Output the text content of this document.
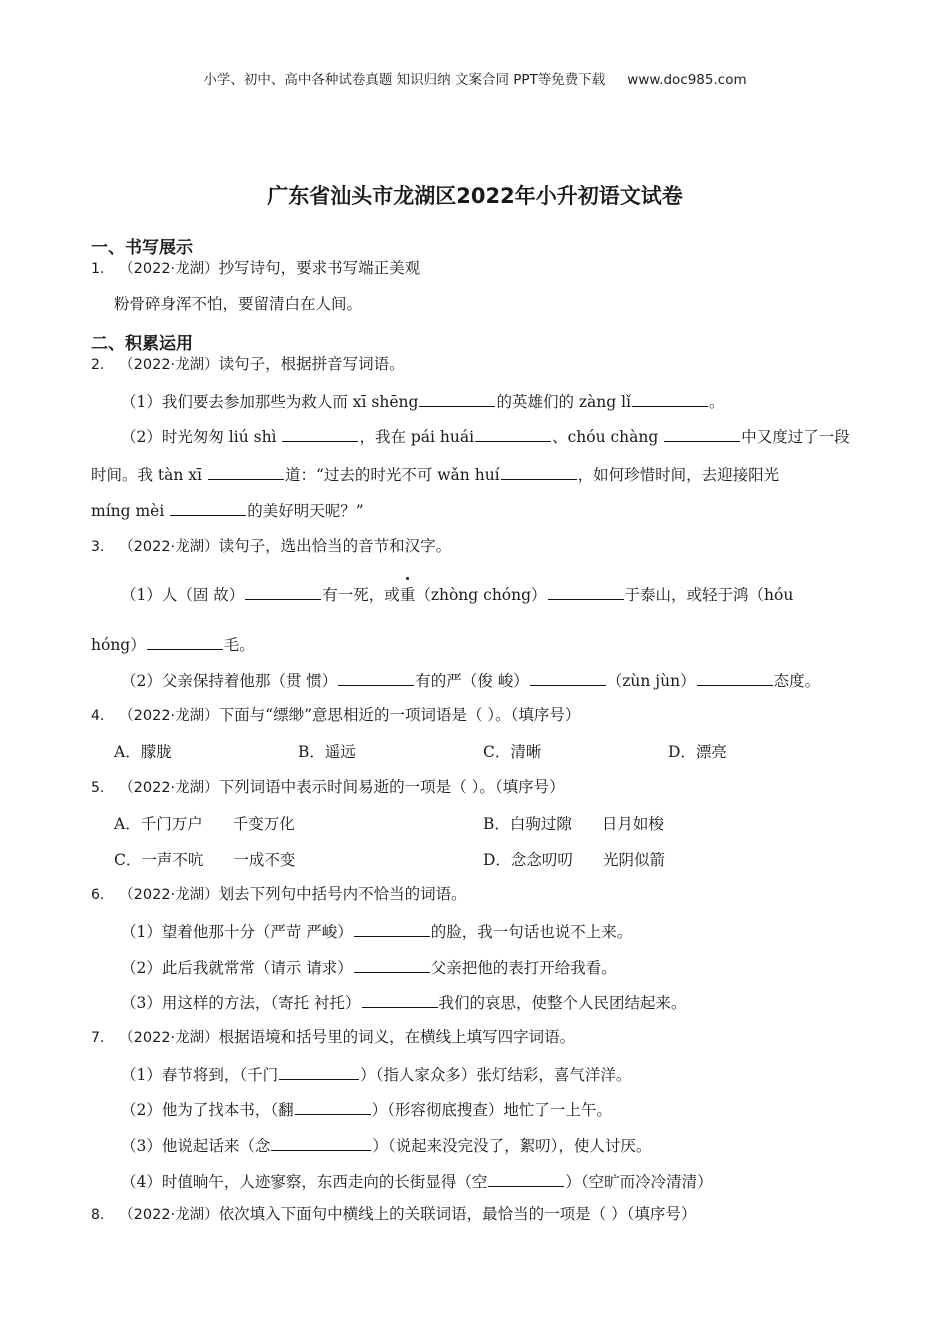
小学、初中、高中各种试卷真题 知识归纳 文案合同 PPT等免费下载 www.doc985.com
广东省汕头市龙湖区2022年小升初语文试卷
一、书写展示
1. （2022·龙湖）抄写诗句，要求书写端正美观
粉骨碎身浑不怕，要留清白在人间。
二、积累运用
2. （2022·龙湖）读句子，根据拼音写词语。
（1）我们要去参加那些为救人而 xī shēng	的英雄们的 zàng lǐ	。
（2）时光匆匆 liú shì	，我在 pái huái	、chóu chàng	中又度过了一段
时间。我 tàn xī	道：“过去的时光不可 wǎn huí	，如何珍惜时间，去迎接阳光
míng mèi	的美好明天呢？”
3. （2022·龙湖）读句子，选出恰当的音节和汉字。
（1）人（固 故）	有一死，或重（zhòng chóng）	于泰山，或轻于鸿（hóu
hóng）	毛。
（2）父亲保持着他那（贯 惯）	有的严（俊 峻）	（zùn jùn）	态度。
4. （2022·龙湖）下面与“缥缈”意思相近的一项词语是（ ）。（填序号）
A．朦胧	B．遥远	C．清晰	D．漂亮
5. （2022·龙湖）下列词语中表示时间易逝的一项是（ ）。（填序号）
A．千门万户 千变万化	B．白驹过隙 日月如梭
C．一声不吭 一成不变	D．念念叨叨 光阴似箭
6. （2022·龙湖）划去下列句中括号内不恰当的词语。
（1）望着他那十分（严苛 严峻）	的脸，我一句话也说不上来。
（2）此后我就常常（请示 请求）	父亲把他的表打开给我看。
（3）用这样的方法，（寄托 衬托）	我们的哀思，使整个人民团结起来。
7. （2022·龙湖）根据语境和括号里的词义，在横线上填写四字词语。
（1）春节将到，（千门	）（指人家众多）张灯结彩，喜气洋洋。
（2）他为了找本书，（翻	）（形容彻底搜查）地忙了一上午。
（3）他说起话来（念	）（说起来没完没了，絮叨），使人讨厌。
（4）时值晌午，人迹寥察，东西走向的长街显得（空	）（空旷而冷冷清清）
8. （2022·龙湖）依次填入下面句中横线上的关联词语，最恰当的一项是（ ）（填序号）
